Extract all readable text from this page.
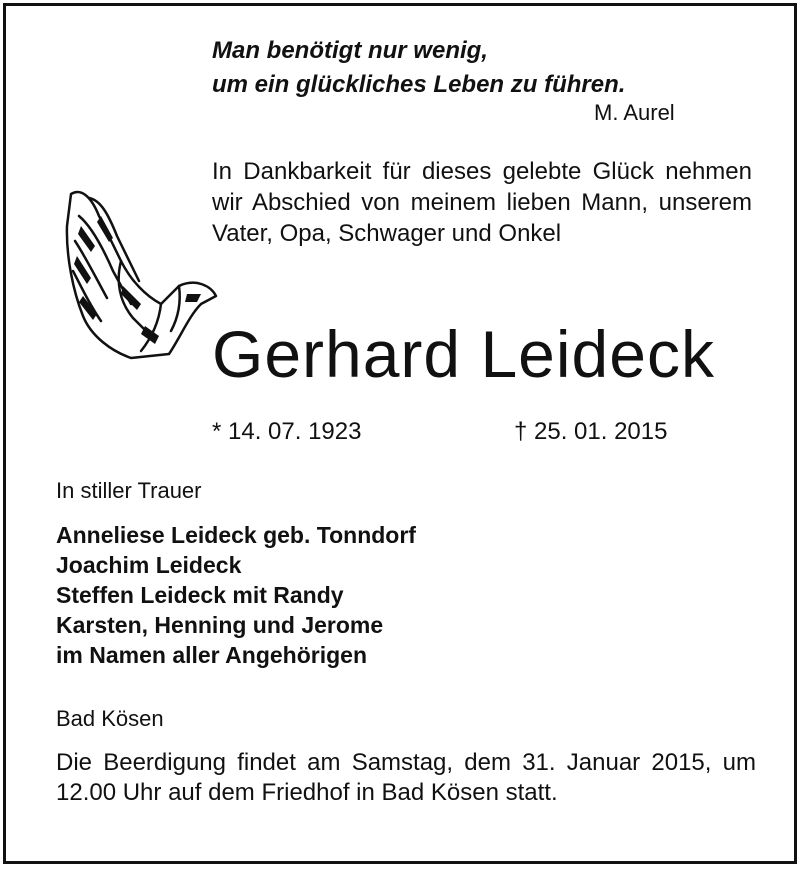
Man benötigt nur wenig,
um ein glückliches Leben zu führen.
M. Aurel
In Dankbarkeit für dieses gelebte Glück nehmen wir Abschied von meinem lieben Mann, unserem Vater, Opa, Schwager und Onkel
Gerhard Leideck
* 14. 07. 1923	† 25. 01. 2015
In stiller Trauer
Anneliese Leideck geb. Tonndorf
Joachim Leideck
Steffen Leideck mit Randy
Karsten, Henning und Jerome
im Namen aller Angehörigen
Bad Kösen
Die Beerdigung findet am Samstag, dem 31. Januar 2015, um 12.00 Uhr auf dem Friedhof in Bad Kösen statt.
